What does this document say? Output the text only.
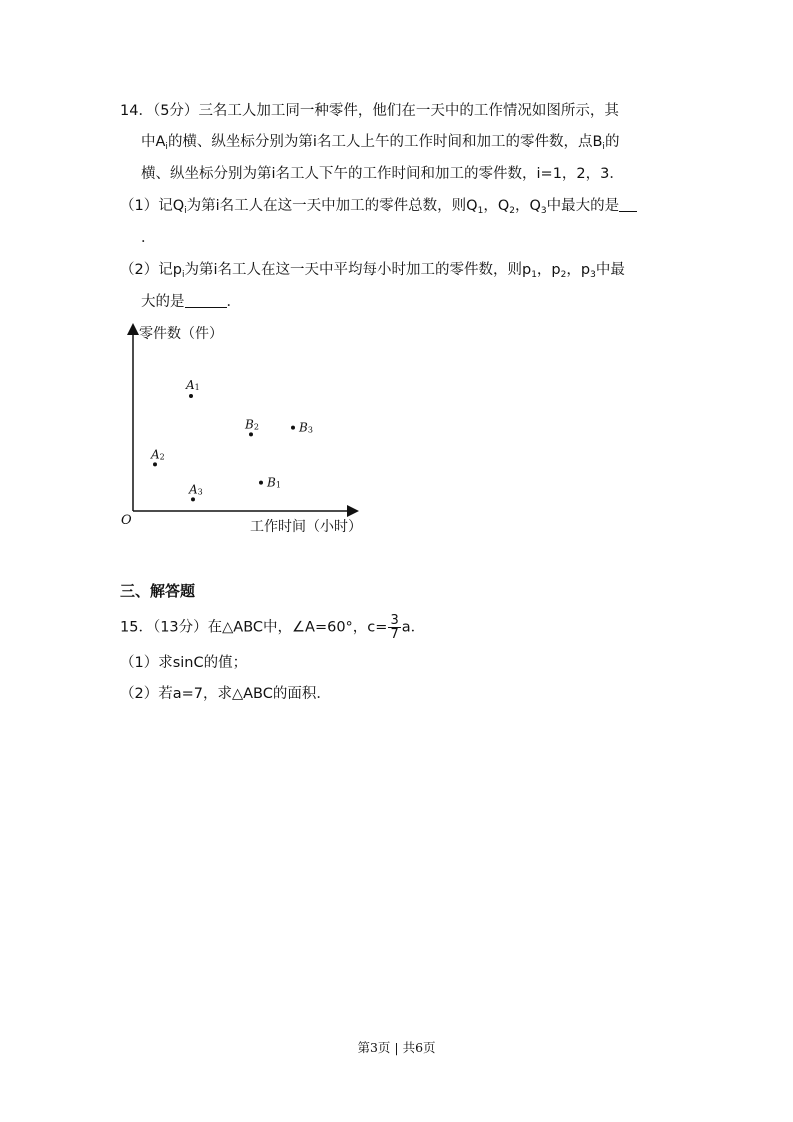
14．（5分）三名工人加工同一种零件，他们在一天中的工作情况如图所示，其
中$A_i$的横、纵坐标分别为第i名工人上午的工作时间和加工的零件数，点$B_i$的
横、纵坐标分别为第i名工人下午的工作时间和加工的零件数，i=1，2，3．
（1）记$Q_i$为第i名工人在这一天中加工的零件总数，则$Q_1$，$Q_2$，$Q_3$中最大的是
．
（2）记$p_i$为第i名工人在这一天中平均每小时加工的零件数，则$p_1$，$p_2$，$p_3$中最
大的是	．
零件数（件）
工作时间（小时）
O
A1
A2
A3
B1
B2	B3
三、解答题
15．（13分）在△ABC中，∠A=60°，$c= \frac{3}{7}$ a．
（1）求sinC的值；
（2）若a=7，求△ABC的面积．
第3页 | 共6页
